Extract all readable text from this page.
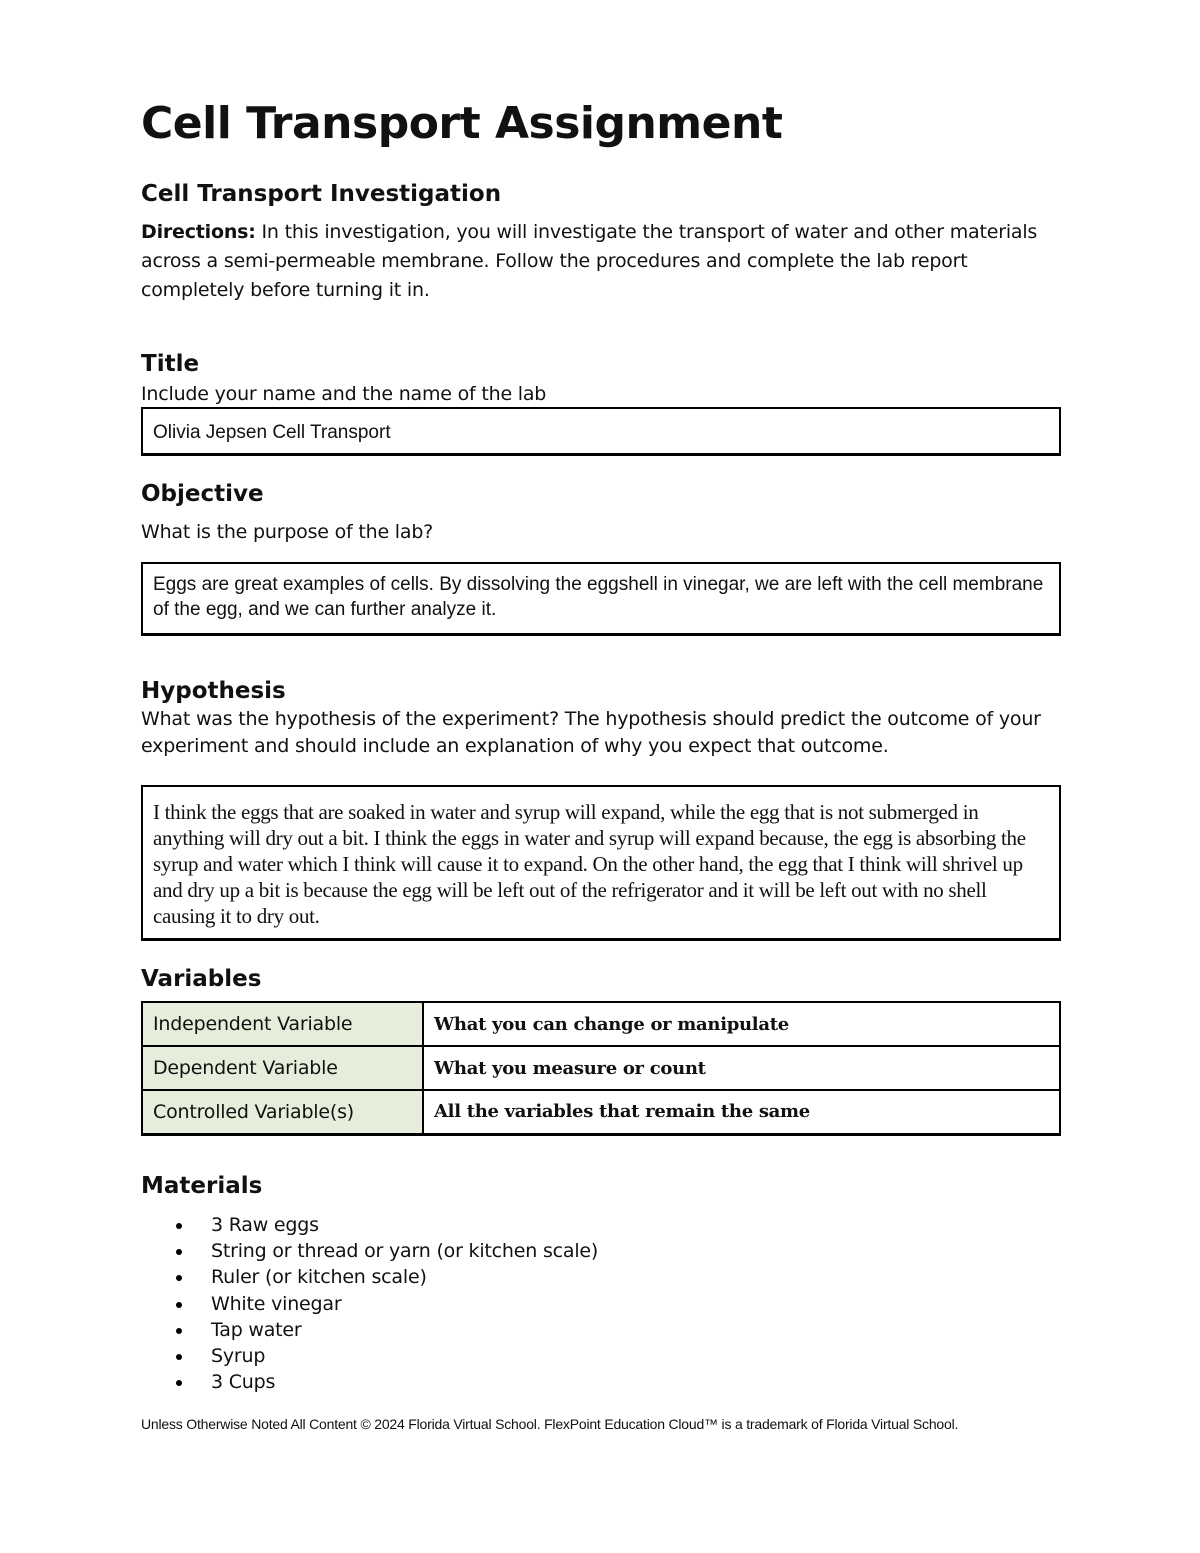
Cell Transport Assignment
Cell Transport Investigation

Directions: In this investigation, you will investigate the transport of water and other materials across a semi-permeable membrane. Follow the procedures and complete the lab report completely before turning it in.

Title

Include your name and the name of the lab

Olivia Jepsen Cell Transport
Objective

What is the purpose of the lab?

Eggs are great examples of cells. By dissolving the eggshell in vinegar, we are left with the cell membrane of the egg, and we can further analyze it.
Hypothesis

What was the hypothesis of the experiment? The hypothesis should predict the outcome of your experiment and should include an explanation of why you expect that outcome.

I think the eggs that are soaked in water and syrup will expand, while the egg that is not submerged in anything will dry out a bit. I think the eggs in water and syrup will expand because, the egg is absorbing the syrup and water which I think will cause it to expand. On the other hand, the egg that I think will shrivel up and dry up a bit is because the egg will be left out of the refrigerator and it will be left out with no shell causing it to dry out.
Variables
Independent Variable	What you can change or manipulate
Dependent Variable	What you measure or count
Controlled Variable(s)	All the variables that remain the same
Materials
3 Raw eggs
String or thread or yarn (or kitchen scale)
Ruler (or kitchen scale)
White vinegar
Tap water
Syrup
3 Cups

Unless Otherwise Noted All Content © 2024 Florida Virtual School. FlexPoint Education Cloud™ is a trademark of Florida Virtual School.
